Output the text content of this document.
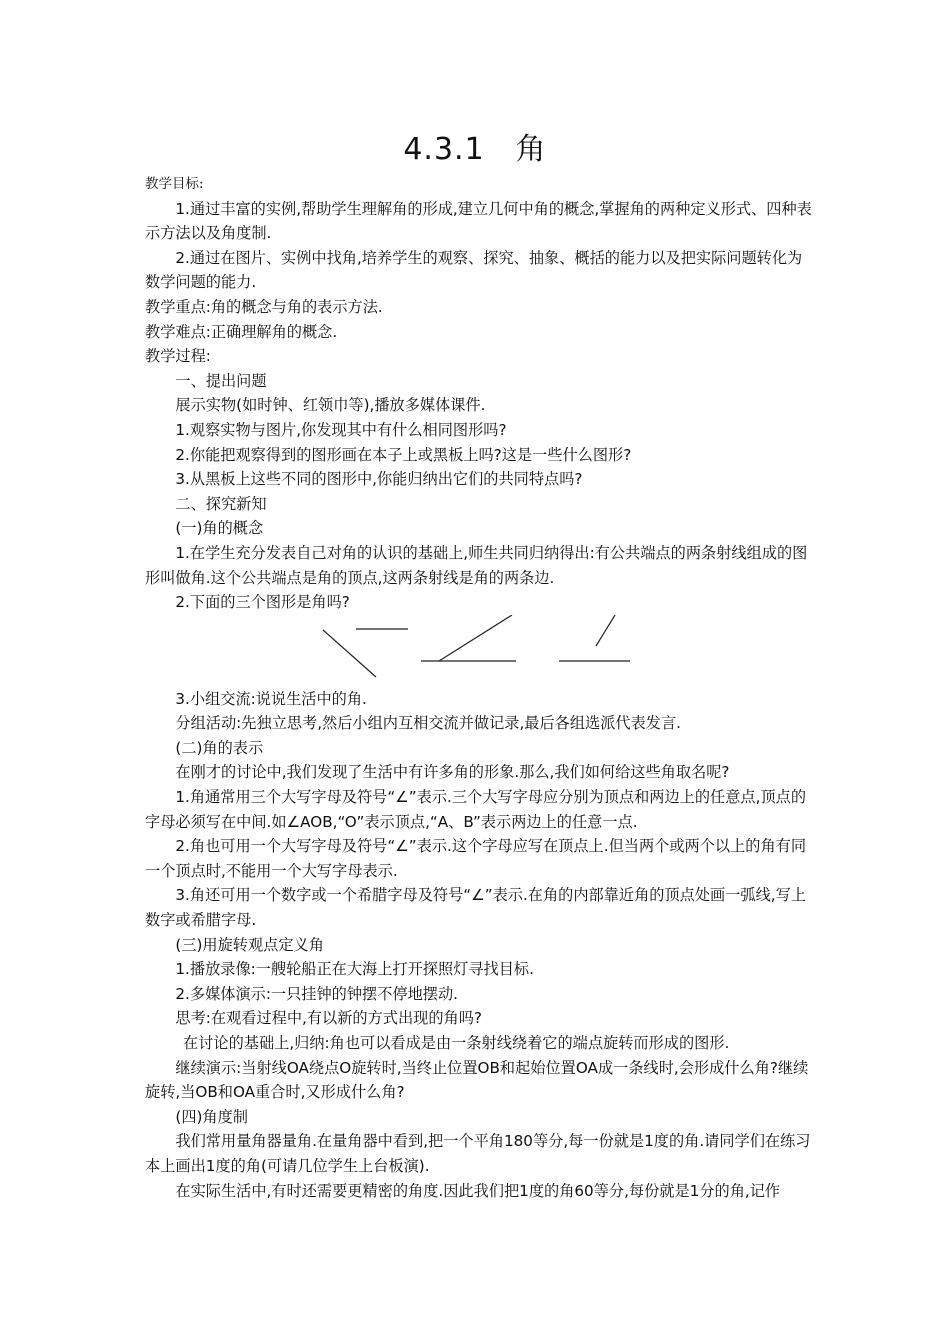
4.3.1　角

教学目标:

1.通过丰富的实例,帮助学生理解角的形成,建立几何中角的概念,掌握角的两种定义形式、四种表示方法以及角度制.

2.通过在图片、实例中找角,培养学生的观察、探究、抽象、概括的能力以及把实际问题转化为数学问题的能力.

教学重点:角的概念与角的表示方法.

教学难点:正确理解角的概念.

教学过程:

一、提出问题

展示实物(如时钟、红领巾等),播放多媒体课件.

1.观察实物与图片,你发现其中有什么相同图形吗?

2.你能把观察得到的图形画在本子上或黑板上吗?这是一些什么图形?

3.从黑板上这些不同的图形中,你能归纳出它们的共同特点吗?

二、探究新知

(一)角的概念

1.在学生充分发表自己对角的认识的基础上,师生共同归纳得出:有公共端点的两条射线组成的图形叫做角.这个公共端点是角的顶点,这两条射线是角的两条边.

2.下面的三个图形是角吗?

3.小组交流:说说生活中的角.

分组活动:先独立思考,然后小组内互相交流并做记录,最后各组选派代表发言.

(二)角的表示

在刚才的讨论中,我们发现了生活中有许多角的形象.那么,我们如何给这些角取名呢?

1.角通常用三个大写字母及符号“∠”表示.三个大写字母应分别为顶点和两边上的任意点,顶点的字母必须写在中间.如∠AOB,“O”表示顶点,“A、B”表示两边上的任意一点.

2.角也可用一个大写字母及符号“∠”表示.这个字母应写在顶点上.但当两个或两个以上的角有同一个顶点时,不能用一个大写字母表示.

3.角还可用一个数字或一个希腊字母及符号“∠”表示.在角的内部靠近角的顶点处画一弧线,写上数字或希腊字母.

(三)用旋转观点定义角

1.播放录像:一艘轮船正在大海上打开探照灯寻找目标.

2.多媒体演示:一只挂钟的钟摆不停地摆动.

思考:在观看过程中,有以新的方式出现的角吗?

在讨论的基础上,归纳:角也可以看成是由一条射线绕着它的端点旋转而形成的图形.

继续演示:当射线OA绕点O旋转时,当终止位置OB和起始位置OA成一条线时,会形成什么角?继续旋转,当OB和OA重合时,又形成什么角?

(四)角度制

我们常用量角器量角.在量角器中看到,把一个平角180等分,每一份就是1度的角.请同学们在练习本上画出1度的角(可请几位学生上台板演).

在实际生活中,有时还需要更精密的角度.因此我们把1度的角60等分,每份就是1分的角,记作
